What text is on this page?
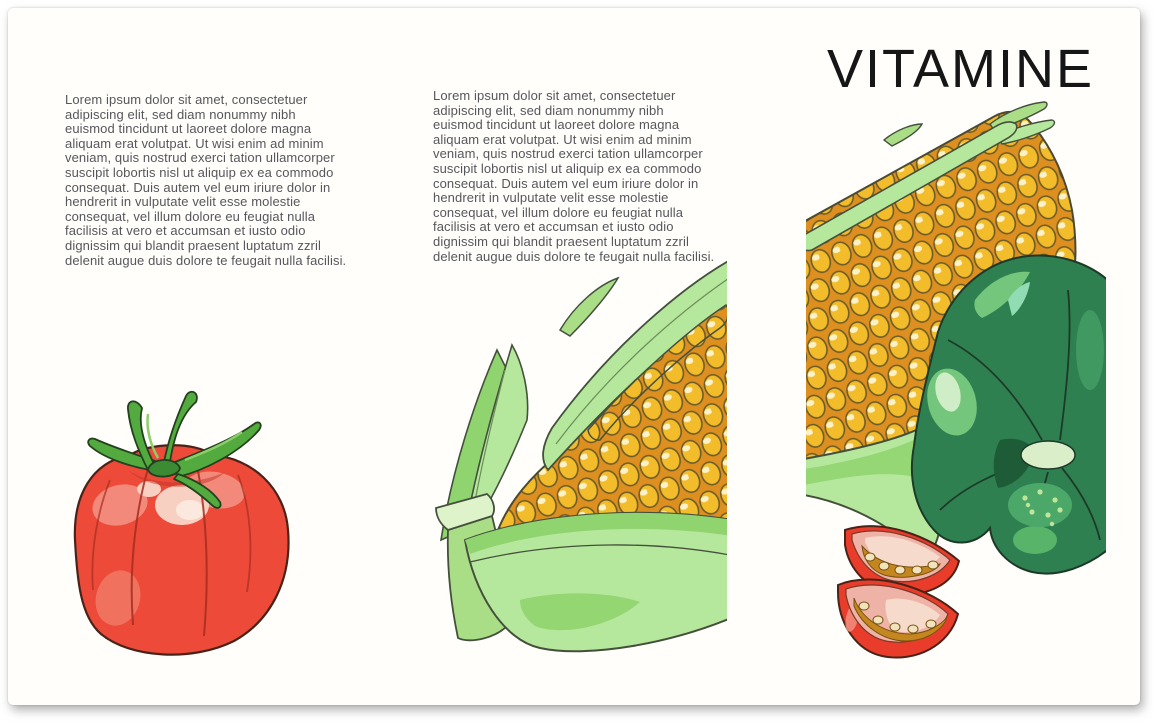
Lorem ipsum dolor sit amet, consectetuer adipiscing elit, sed diam nonummy nibh euismod tincidunt ut laoreet dolore magna aliquam erat volutpat. Ut wisi enim ad minim veniam, quis nostrud exerci tation ullamcorper suscipit lobortis nisl ut aliquip ex ea commodo consequat. Duis autem vel eum iriure dolor in hendrerit in vulputate velit esse molestie consequat, vel illum dolore eu feugiat nulla facilisis at vero et accumsan et iusto odio dignissim qui blandit praesent luptatum zzril delenit augue duis dolore te feugait nulla facilisi.
Lorem ipsum dolor sit amet, consectetuer adipiscing elit, sed diam nonummy nibh euismod tincidunt ut laoreet dolore magna aliquam erat volutpat. Ut wisi enim ad minim veniam, quis nostrud exerci tation ullamcorper suscipit lobortis nisl ut aliquip ex ea commodo consequat. Duis autem vel eum iriure dolor in hendrerit in vulputate velit esse molestie consequat, vel illum dolore eu feugiat nulla facilisis at vero et accumsan et iusto odio dignissim qui blandit praesent luptatum zzril delenit augue duis dolore te feugait nulla facilisi.
VITAMINE
